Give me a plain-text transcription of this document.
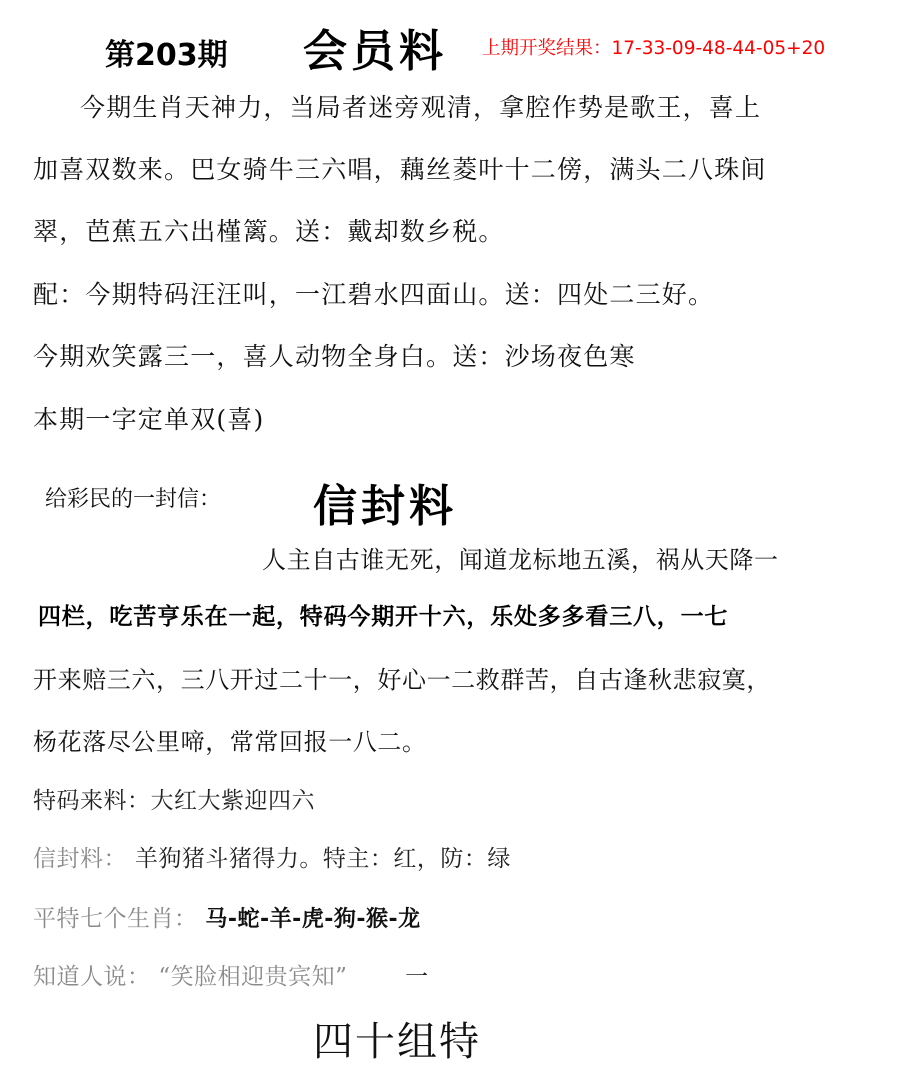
第203期 会员料 上期开奖结果：17-33-09-48-44-05+20
今期生肖天神力，当局者迷旁观清，拿腔作势是歌王，喜上
加喜双数来。巴女骑牛三六唱，藕丝菱叶十二傍，满头二八珠间
翠，芭蕉五六出槿篱。送：戴却数乡税。
配：今期特码汪汪叫，一江碧水四面山。送：四处二三好。
今期欢笑露三一，喜人动物全身白。送：沙场夜色寒
本期一字定单双(喜)
给彩民的一封信： 信封料
人主自古谁无死，闻道龙标地五溪，祸从天降一
四栏，吃苦亨乐在一起，特码今期开十六，乐处多多看三八，一七
开来赔三六，三八开过二十一，好心一二救群苦，自古逢秋悲寂寞，
杨花落尽公里啼，常常回报一八二。
特码来料：大红大紫迎四六
信封料： 羊狗猪斗猪得力。特主：红，防：绿
平特七个生肖： 马-蛇-羊-虎-狗-猴-龙
知道人说： “笑脸相迎贵宾知”	一
四十组特
